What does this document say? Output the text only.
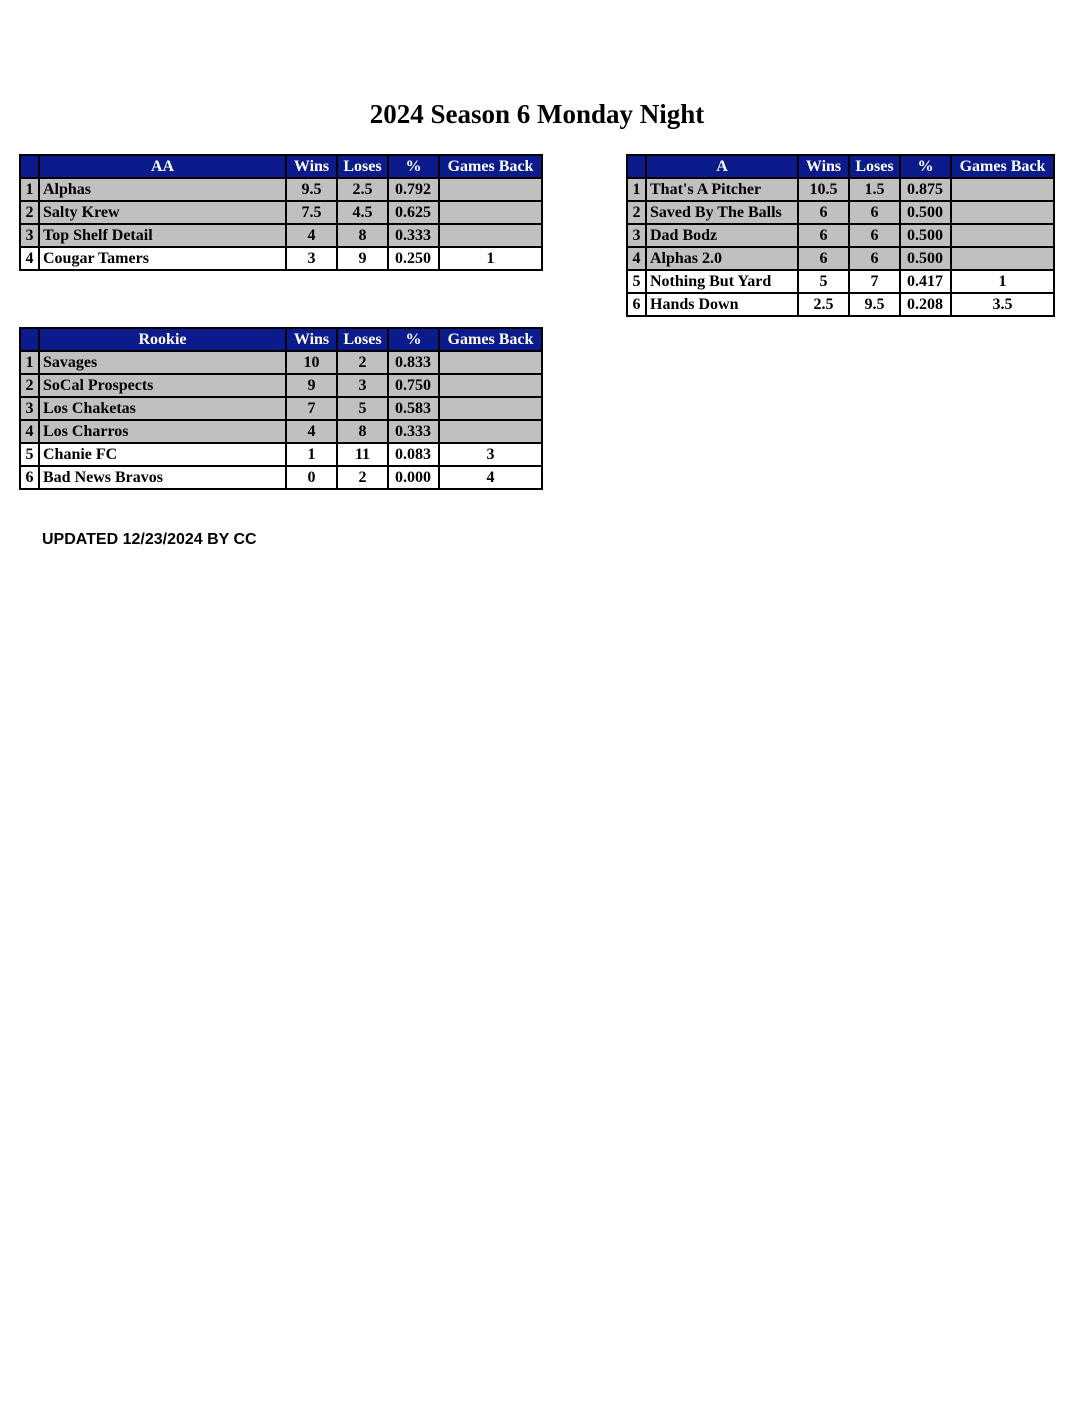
2024 Season 6 Monday Night
	AA	Wins	Loses	%	Games Back
1	Alphas	9.5	2.5	0.792	
2	Salty Krew	7.5	4.5	0.625	
3	Top Shelf Detail	4	8	0.333	
4	Cougar Tamers	3	9	0.250	1
	A	Wins	Loses	%	Games Back
1	That's A Pitcher	10.5	1.5	0.875	
2	Saved By The Balls	6	6	0.500	
3	Dad Bodz	6	6	0.500	
4	Alphas 2.0	6	6	0.500	
5	Nothing But Yard	5	7	0.417	1
6	Hands Down	2.5	9.5	0.208	3.5
	Rookie	Wins	Loses	%	Games Back
1	Savages	10	2	0.833	
2	SoCal Prospects	9	3	0.750	
3	Los Chaketas	7	5	0.583	
4	Los Charros	4	8	0.333	
5	Chanie FC	1	11	0.083	3
6	Bad News Bravos	0	2	0.000	4
UPDATED 12/23/2024 BY CC
